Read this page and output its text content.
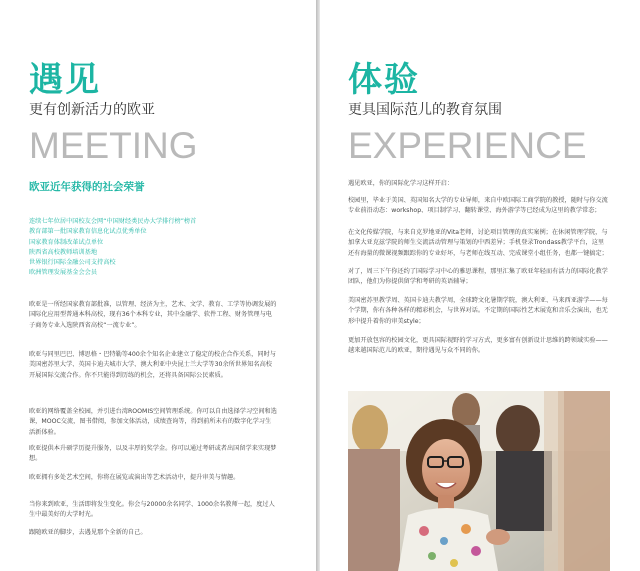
遇见
更有创新活力的欧亚
MEETING
欧亚近年获得的社会荣誉
连续七年位居中国校友会网“中国财经类民办大学排行榜”榜首
教育部第一批国家教育信息化试点优秀单位
国家教育体制改革试点单位
陕西省高校教师培训基地
世界银行国际金融公司支持高校
欧洲管理发展基金会会员

欧亚是一所经国家教育部批准，以管理、经济为主，艺术、文学、教育、工学等协调发展的国际化应用型普通本科高校，现有36个本科专业，其中金融学、软件工程、财务管理与电子商务专业入选陕西省高校“一流专业”。

欧亚与同里巴巴、博思格・巴特勒等400余个知名企业建立了稳定的校企合作关系，同时与美国密苏里大学、英国卡迪夫城市大学、澳大利亚中央昆士兰大学等30余所世界知名高校开展国际交流合作。你不只能得到历练的机会，还将具备国际公民素质。

欧亚的网络覆盖全校园，并引进台湾ROOMIS空间管理系统。你可以自由选择学习空间和选课，MOOC交流，图书借阅，参加文体活动，成绩查询等，得到前所未有的数字化学习生活新体验。

欧亚提供本升硕学历提升服务，以及丰厚的奖学金。你可以通过考研或者出国留学来实现梦想。

欧亚拥有多处艺术空间，你将在展览或演出等艺术活动中，提升审美与情趣。

当你来到欧亚，生活即将发生变化。你会与20000余名同学、1000余名教师一起，度过人生中最美好的大学时光。

跟随欧亚的脚步，去遇见那个全新的自己。

体验
更具国际范儿的教育氛围
EXPERIENCE

遇见欧亚，你的国际化学习这样开启：

校园里，毕业于美国、英国知名大学的专业导师，来自中欧国际工商学院的教授，随时与你交流专业前沿动态：workshop、项目制学习、翻转课堂、海外游学等已经成为这里的教学常态；

在文化传媒学院，与来自克罗地亚的Vita老师，讨论项目管理的真实案例；在休闲管理学院，与加拿大亚克兹学院的师生交流活动管理与策划的中西差异；手机登录Trondass教学平台，这里还有海量的微课视频跟踪你的专业好坏，与老师在线互动、完成课堂小组任务，也都一键搞定；

对了，周三下午你还约了国际学习中心的雅思课程，那里汇集了欧亚年轻而有活力的国际化教学团队，他们为你提供留学和考研的英语辅导；

美国密苏里教学周、英国卡迪夫教学周，全球跨文化暑期学院，澳大利亚、马来西亚游学——每个学期，你有各种各样的精彩机会，与世界对话。不定期的国际性艺术展览和音乐会演出，也无形中提升着你的审美style；

更加开放包容的校园文化，更具国际视野的学习方式，更多富有创新设计思维的跨领域实验——越来越国际范儿的欧亚，期待遇见与众不同的你。
